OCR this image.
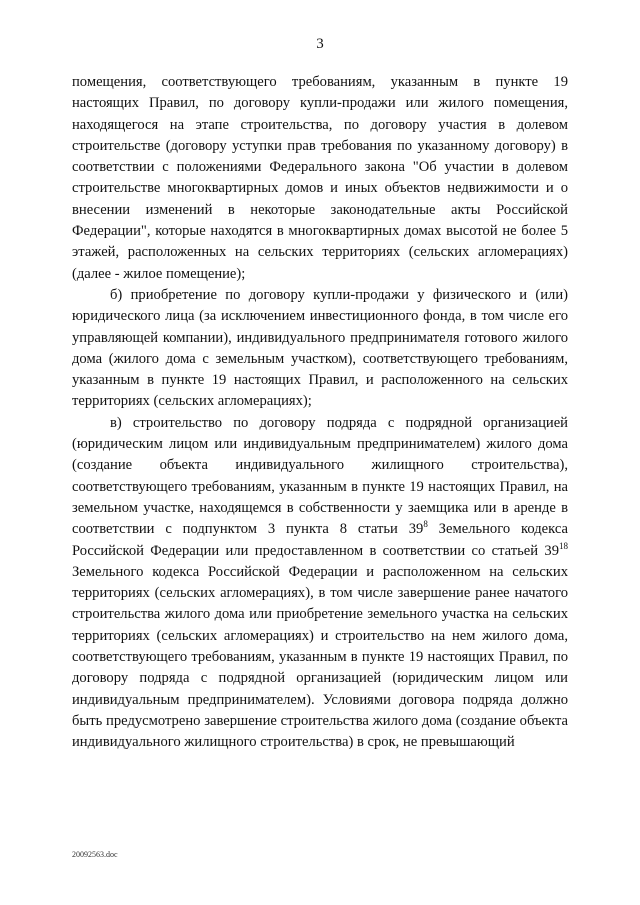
3

помещения, соответствующего требованиям, указанным в пункте 19 настоящих Правил, по договору купли-продажи или жилого помещения, находящегося на этапе строительства, по договору участия в долевом строительстве (договору уступки прав требования по указанному договору) в соответствии с положениями Федерального закона "Об участии в долевом строительстве многоквартирных домов и иных объектов недвижимости и о внесении изменений в некоторые законодательные акты Российской Федерации", которые находятся в многоквартирных домах высотой не более 5 этажей, расположенных на сельских территориях (сельских агломерациях) (далее - жилое помещение);

б) приобретение по договору купли-продажи у физического и (или) юридического лица (за исключением инвестиционного фонда, в том числе его управляющей компании), индивидуального предпринимателя готового жилого дома (жилого дома с земельным участком), соответствующего требованиям, указанным в пункте 19 настоящих Правил, и расположенного на сельских территориях (сельских агломерациях);

в) строительство по договору подряда с подрядной организацией (юридическим лицом или индивидуальным предпринимателем) жилого дома (создание объекта индивидуального жилищного строительства), соответствующего требованиям, указанным в пункте 19 настоящих Правил, на земельном участке, находящемся в собственности у заемщика или в аренде в соответствии с подпунктом 3 пункта 8 статьи $39^8$ Земельного кодекса Российской Федерации или предоставленном в соответствии со статьей $39^{18}$ Земельного кодекса Российской Федерации и расположенном на сельских территориях (сельских агломерациях), в том числе завершение ранее начатого строительства жилого дома или приобретение земельного участка на сельских территориях (сельских агломерациях) и строительство на нем жилого дома, соответствующего требованиям, указанным в пункте 19 настоящих Правил, по договору подряда с подрядной организацией (юридическим лицом или индивидуальным предпринимателем). Условиями договора подряда должно быть предусмотрено завершение строительства жилого дома (создание объекта индивидуального жилищного строительства) в срок, не превышающий

20092563.doc
